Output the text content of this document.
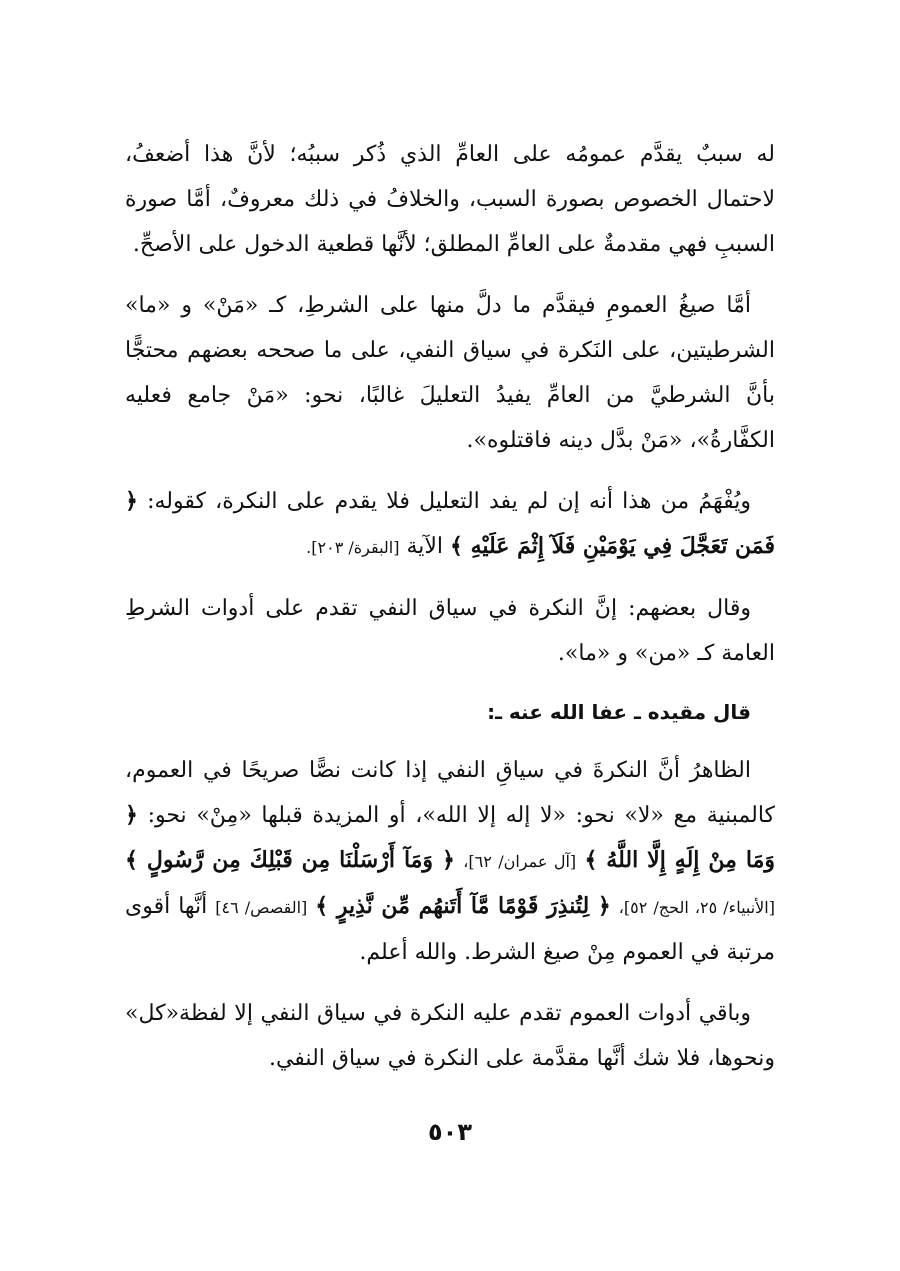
له سببٌ يقدَّم عمومُه على العامِّ الذي ذُكر سببُه؛ لأنَّ هذا أضعفُ، لاحتمال الخصوص بصورة السبب، والخلافُ في ذلك معروفٌ، أمَّا صورة السببِ فهي مقدمةٌ على العامِّ المطلق؛ لأنَّها قطعية الدخول على الأصحِّ.

أمَّا صيغُ العمومِ فيقدَّم ما دلَّ منها على الشرطِ، كـ «مَنْ» و «ما» الشرطيتين، على النَكرة في سياق النفي، على ما صححه بعضهم محتجًّا بأنَّ الشرطيَّ من العامِّ يفيدُ التعليلَ غالبًا، نحو: «مَنْ جامع فعليه الكفَّارةُ»، «مَنْ بدَّل دينه فاقتلوه».

ويُفْهَمُ من هذا أنه إن لم يفد التعليل فلا يقدم على النكرة، كقوله: ﴿ فَمَن تَعَجَّلَ فِي يَوْمَيْنِ فَلَآ إِثْمَ عَلَيْهِ ﴾ الآية [البقرة/ ٢٠٣].

وقال بعضهم: إنَّ النكرة في سياق النفي تقدم على أدوات الشرطِ العامة كـ «من» و «ما».

قال مقيده ـ عفا الله عنه ـ:

الظاهرُ أنَّ النكرةَ في سياقِ النفي إذا كانت نصًّا صريحًا في العموم، كالمبنية مع «لا» نحو: «لا إله إلا الله»، أو المزيدة قبلها «مِنْ» نحو: ﴿ وَمَا مِنْ إِلَهٍ إِلَّا اللَّهُ ﴾ [آل عمران/ ٦٢]، ﴿ وَمَآ أَرْسَلْنَا مِن قَبْلِكَ مِن رَّسُولٍ ﴾ [الأنبياء/ ٢٥، الحج/ ٥٢]، ﴿ لِتُنذِرَ قَوْمًا مَّآ أَتَنهُم مِّن نَّذِيرٍ ﴾ [القصص/ ٤٦] أنَّها أقوى مرتبة في العموم مِنْ صيغ الشرط. والله أعلم.

وباقي أدوات العموم تقدم عليه النكرة في سياق النفي إلا لفظة«كل» ونحوها، فلا شك أنَّها مقدَّمة على النكرة في سياق النفي.

٥٠٣
